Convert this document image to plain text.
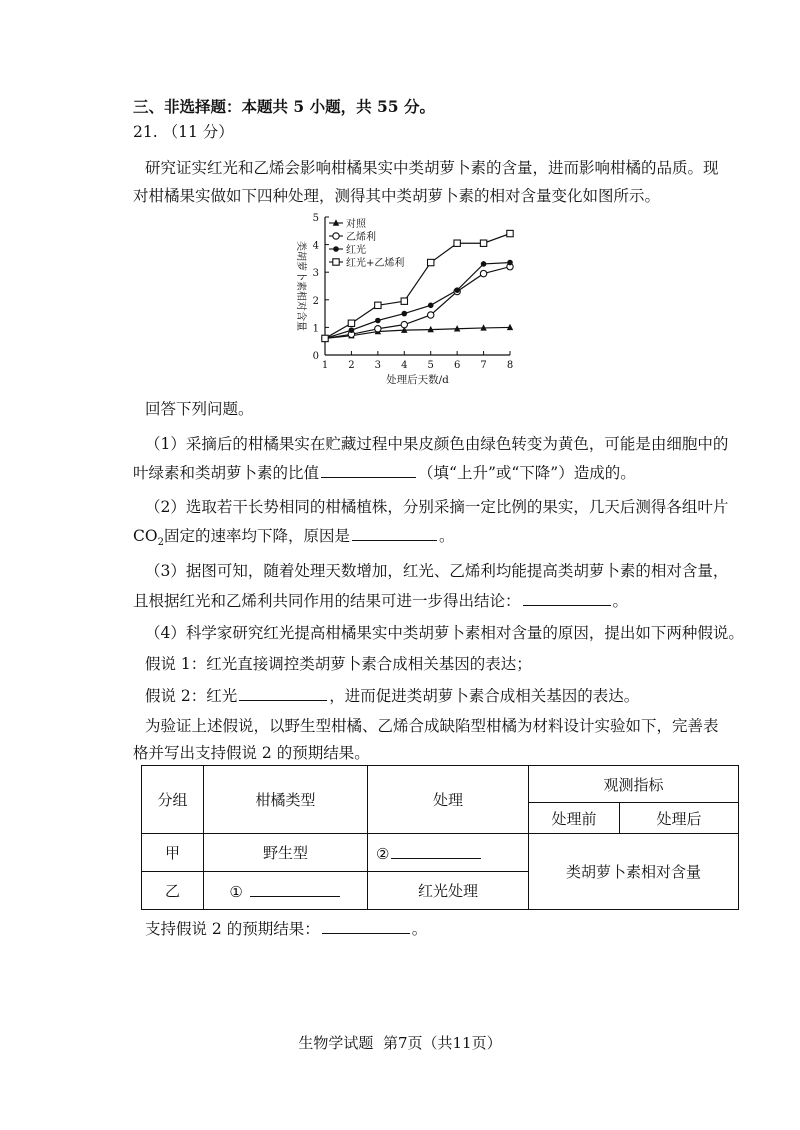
三、非选择题：本题共 5 小题，共 55 分。
21. （11 分）
研究证实红光和乙烯会影响柑橘果实中类胡萝卜素的含量，进而影响柑橘的品质。现
对柑橘果实做如下四种处理，测得其中类胡萝卜素的相对含量变化如图所示。
对照
乙烯利
红光
红光+乙烯利
0
1
2
3
4
5
1 2 3 4 5 6 7 8
处理后天数/d
类胡萝卜素相对含量
回答下列问题。
（1）采摘后的柑橘果实在贮藏过程中果皮颜色由绿色转变为黄色，可能是由细胞中的
叶绿素和类胡萝卜素的比值	（填“上升”或“下降”）造成的。
（2）选取若干长势相同的柑橘植株，分别采摘一定比例的果实，几天后测得各组叶片
$CO_2$固定的速率均下降，原因是	。
（3）据图可知，随着处理天数增加，红光、乙烯利均能提高类胡萝卜素的相对含量，
且根据红光和乙烯利共同作用的结果可进一步得出结论：	。
（4）科学家研究红光提高柑橘果实中类胡萝卜素相对含量的原因，提出如下两种假说。
假说 1：红光直接调控类胡萝卜素合成相关基因的表达；
假说 2：红光	，进而促进类胡萝卜素合成相关基因的表达。
为验证上述假说，以野生型柑橘、乙烯合成缺陷型柑橘为材料设计实验如下，完善表
格并写出支持假说 2 的预期结果。
分组	柑橘类型	处理	观测指标	
			处理前	处理后
甲	野生型	②	类胡萝卜素相对含量	
乙	①	红光处理		
支持假说 2 的预期结果：	。
生物学试题 第7页（共11页）
